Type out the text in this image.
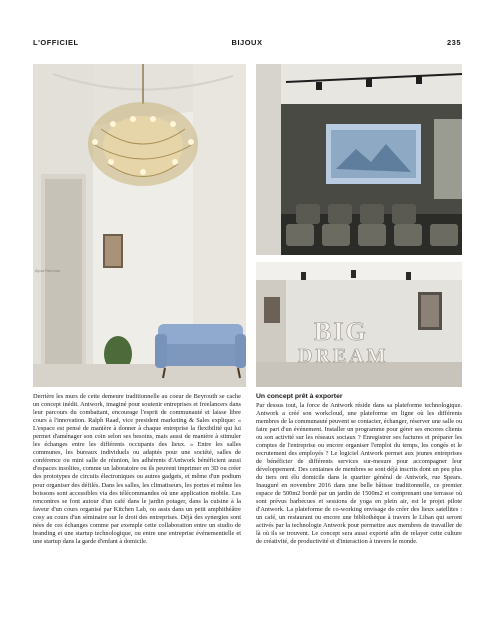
L'OFFICIEL	BIJOUX	235
Ayna Rahman
BIG
DREAM

Derrière les murs de cette demeure traditionnelle au coeur de Beyrouth se cache un concept inédit. Antwork, imaginé pour soutenir entreprises et freelancers dans leur parcours du combattant, encourage l'esprit de communauté et laisse libre cours à l'innovation. Ralph Raad, vice president marketing & Sales explique: « L'espace est pensé de manière à donner à chaque entreprise la flexibilité qui lui permet d'aménager son coin selon ses besoins, mais aussi de manière à stimuler les échanges entre les différents occupants des lieux. » Entre les salles communes, les bureaux individuels ou adaptés pour une société, salles de conférence ou mini salle de réunion, les adhérents d'Antwork bénéficient aussi d'espaces insolites, comme un laboratoire ou ils peuvent imprimer en 3D ou créer des prototypes de circuits électroniques ou autres gadgets, et même d'un podium pour organiser des défilés. Dans les salles, les climatiseurs, les portes et même les boissons sont accessibles via des télécommandes où une application mobile. Les rencontres se font autour d'un café dans le jardin potager, dans la cuisine à la faveur d'un cours organisé par Kitchen Lab, ou assis dans un petit amphithéâtre cosy au cours d'un séminaire sur le droit des entreprises. Déjà des synergies sont nées de ces échanges comme par exemple cette collaboration entre un studio de branding et une startup technologique, ou entre une entreprise événementielle et une startup dans la garde d'enfant à domicile.

Un concept prêt à exporter

Par dessus tout, la force de Antwork réside dans sa plateforme technologique. Antwork a créé son workcloud, une plateforme en ligne où les différents membres de la communauté peuvent se contacter, échanger, réserver une salle ou faire part d'un événement. Installer un programme pour gérer ses encores clients ou son activité sur les réseaux sociaux ? Enregistrer ses factures et préparer les comptes de l'entreprise ou encore organiser l'emploi du temps, les congés et le recrutement des employés ? Le logiciel Antwork permet aux jeunes entreprises de bénéficier de différents services sur-mesure pour accompagner leur développement. Des centaines de membres se sont déjà inscrits dont un peu plus du tiers ont élu domicile dans le quartier général de Antwork, rue Spears. Inauguré en novembre 2016 dans une belle bâtisse traditionnelle, ce premier espace de 500m2 bordé par un jardin de 1500m2 et comprenant une terrasse où sont prévus barbecues et sessions de yoga en plein air, est le projet pilote d'Antwork. La plateforme de co-working envisage de créer des lieux satellites : un café, un restaurant ou encore une bibliothèque à travers le Liban qui seront activés par la technologie Antwork pour permettre aux membres de travailler de là où ils se trouvent. Le concept sera aussi exporté afin de relayer cette culture de créativité, de productivité et d'interaction à travers le monde.
